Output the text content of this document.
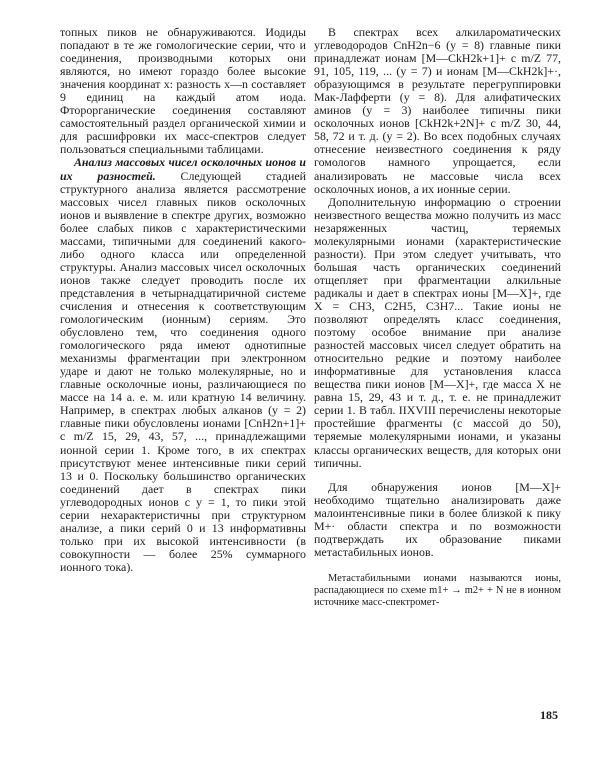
топных пиков не обнаруживаются. Иодиды попадают в те же гомологические серии, что и соединения, производными которых они являются, но имеют гораздо более высокие значения координат x: разность x—n составляет 9 единиц на каждый атом иода. Фторорганические соединения составляют самостоятельный раздел органической химии и для расшифровки их масс-спектров следует пользоваться специальными таблицами.

Анализ массовых чисел осколочных ионов и их разностей. Следующей стадией структурного анализа является рассмотрение массовых чисел главных пиков осколочных ионов и выявление в спектре других, возможно более слабых пиков с характеристическими массами, типичными для соединений какого-либо одного класса или определенной структуры. Анализ массовых чисел осколочных ионов также следует проводить после их представления в четырнадцатиричной системе счисления и отнесения к соответствующим гомологическим (ионным) сериям. Это обусловлено тем, что соединения одного гомологического ряда имеют однотипные механизмы фрагментации при электронном ударе и дают не только молекулярные, но и главные осколочные ионы, различающиеся по массе на 14 а. е. м. или кратную 14 величину. Например, в спектрах любых алканов (y = 2) главные пики обусловлены ионами [CnH2n+1]+ с m/Z 15, 29, 43, 57, ..., принадлежащими ионной серии 1. Кроме того, в их спектрах присутствуют менее интенсивные пики серий 13 и 0. Поскольку большинство органических соединений дает в спектрах пики углеводородных ионов с y = 1, то пики этой серии нехарактеристичны при структурном анализе, а пики серий 0 и 13 информативны только при их высокой интенсивности (в совокупности — более 25% суммарного ионного тока).

В спектрах всех алкилароматических углеводородов CnH2n−6 (y = 8) главные пики принадлежат ионам [M—CkH2k+1]+ с m/Z 77, 91, 105, 119, ... (y = 7) и ионам [M—CkH2k]+·, образующимся в результате перегруппировки Мак-Лафферти (y = 8). Для алифатических аминов (y = 3) наиболее типичны пики осколочных ионов [CkH2k+2N]+ с m/Z 30, 44, 58, 72 и т. д. (y = 2). Во всех подобных случаях отнесение неизвестного соединения к ряду гомологов намного упрощается, если анализировать не массовые числа всех осколочных ионов, а их ионные серии.

Дополнительную информацию о строении неизвестного вещества можно получить из масс незаряженных частиц, теряемых молекулярными ионами (характеристические разности). При этом следует учитывать, что большая часть органических соединений отщепляет при фрагментации алкильные радикалы и дает в спектрах ионы [M—X]+, где X = CH3, C2H5, C3H7... Такие ионы не позволяют определять класс соединения, поэтому особое внимание при анализе разностей массовых чисел следует обратить на относительно редкие и поэтому наиболее информативные для установления класса вещества пики ионов [M—X]+, где масса X не равна 15, 29, 43 и т. д., т. е. не принадлежит серии 1. В табл. IIXVIII перечислены некоторые простейшие фрагменты (с массой до 50), теряемые молекулярными ионами, и указаны классы органических веществ, для которых они типичны.

Для обнаружения ионов [M—X]+ необходимо тщательно анализировать даже малоинтенсивные пики в более близкой к пику M+· области спектра и по возможности подтверждать их образование пиками метастабильных ионов.

Метастабильными ионами называются ионы, распадающиеся по схеме m1+ → m2+ + N не в ионном источнике масс-спектромет-
185
